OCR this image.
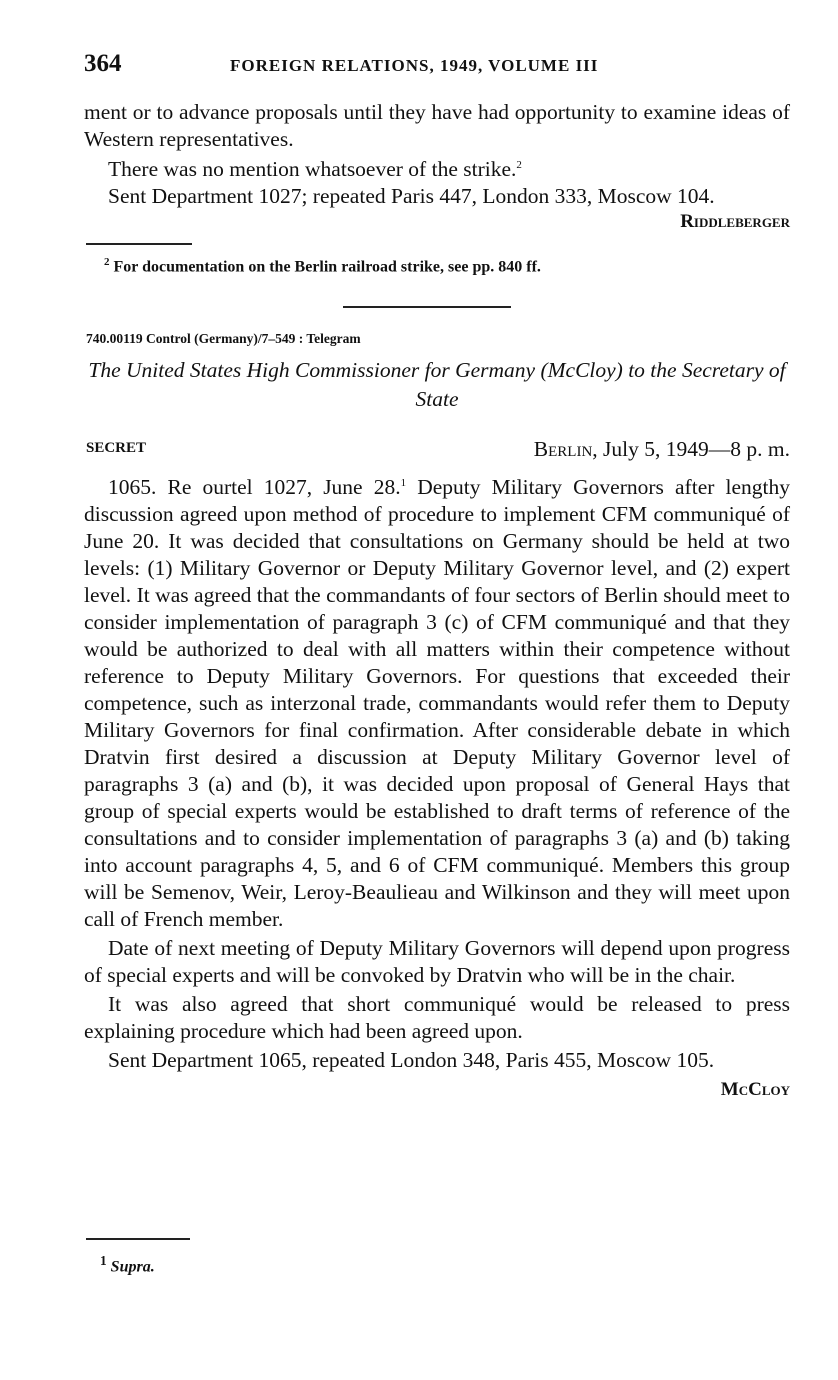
364	FOREIGN RELATIONS, 1949, VOLUME III

ment or to advance proposals until they have had opportunity to examine ideas of Western representatives.

There was no mention whatsoever of the strike.$^2$

Sent Department 1027; repeated Paris 447, London 333, Moscow 104.

Riddleberger

$^2$ For documentation on the Berlin railroad strike, see pp. 840 ff.
740.00119 Control (Germany)/7–549 : Telegram
The United States High Commissioner for Germany (McCloy) to the Secretary of State
SECRET	Berlin, July 5, 1949—8 p. m.

1065. Re ourtel 1027, June 28.$^1$ Deputy Military Governors after lengthy discussion agreed upon method of procedure to implement CFM communiqué of June 20. It was decided that consultations on Germany should be held at two levels: (1) Military Governor or Deputy Military Governor level, and (2) expert level. It was agreed that the commandants of four sectors of Berlin should meet to consider implementation of paragraph 3 (c) of CFM communiqué and that they would be authorized to deal with all matters within their competence without reference to Deputy Military Governors. For questions that exceeded their competence, such as interzonal trade, commandants would refer them to Deputy Military Governors for final confirmation. After considerable debate in which Dratvin first desired a discussion at Deputy Military Governor level of paragraphs 3 (a) and (b), it was decided upon proposal of General Hays that group of special experts would be established to draft terms of reference of the consultations and to consider implementation of paragraphs 3 (a) and (b) taking into account paragraphs 4, 5, and 6 of CFM communiqué. Members this group will be Semenov, Weir, Leroy-Beaulieau and Wilkinson and they will meet upon call of French member.

Date of next meeting of Deputy Military Governors will depend upon progress of special experts and will be convoked by Dratvin who will be in the chair.

It was also agreed that short communiqué would be released to press explaining procedure which had been agreed upon.

Sent Department 1065, repeated London 348, Paris 455, Moscow 105.

McCloy

$^1$ Supra.
